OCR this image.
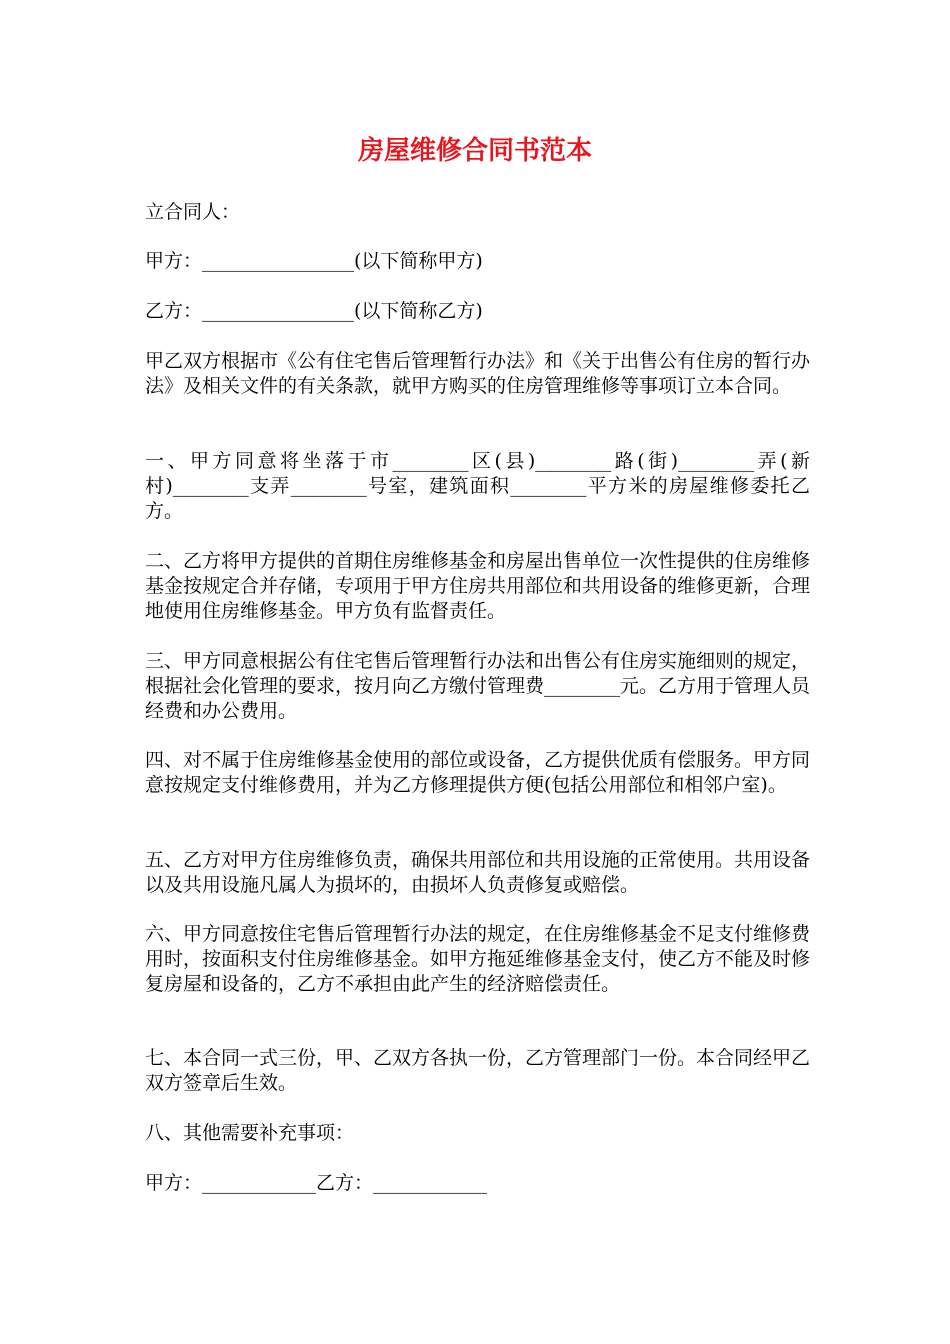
房屋维修合同书范本

立合同人：

甲方：________________(以下简称甲方)

乙方：________________(以下简称乙方)

甲乙双方根据市《公有住宅售后管理暂行办法》和《关于出售公有住房的暂行办法》及相关文件的有关条款，就甲方购买的住房管理维修等事项订立本合同。

一、甲方同意将坐落于市________区(县)________路(街)________弄(新村)________支弄________号室，建筑面积________平方米的房屋维修委托乙方。

二、乙方将甲方提供的首期住房维修基金和房屋出售单位一次性提供的住房维修基金按规定合并存储，专项用于甲方住房共用部位和共用设备的维修更新，合理地使用住房维修基金。甲方负有监督责任。

三、甲方同意根据公有住宅售后管理暂行办法和出售公有住房实施细则的规定，根据社会化管理的要求，按月向乙方缴付管理费________元。乙方用于管理人员经费和办公费用。

四、对不属于住房维修基金使用的部位或设备，乙方提供优质有偿服务。甲方同意按规定支付维修费用，并为乙方修理提供方便(包括公用部位和相邻户室)。

五、乙方对甲方住房维修负责，确保共用部位和共用设施的正常使用。共用设备以及共用设施凡属人为损坏的，由损坏人负责修复或赔偿。

六、甲方同意按住宅售后管理暂行办法的规定，在住房维修基金不足支付维修费用时，按面积支付住房维修基金。如甲方拖延维修基金支付，使乙方不能及时修复房屋和设备的，乙方不承担由此产生的经济赔偿责任。

七、本合同一式三份，甲、乙双方各执一份，乙方管理部门一份。本合同经甲乙双方签章后生效。

八、其他需要补充事项：

甲方：____________乙方：____________
